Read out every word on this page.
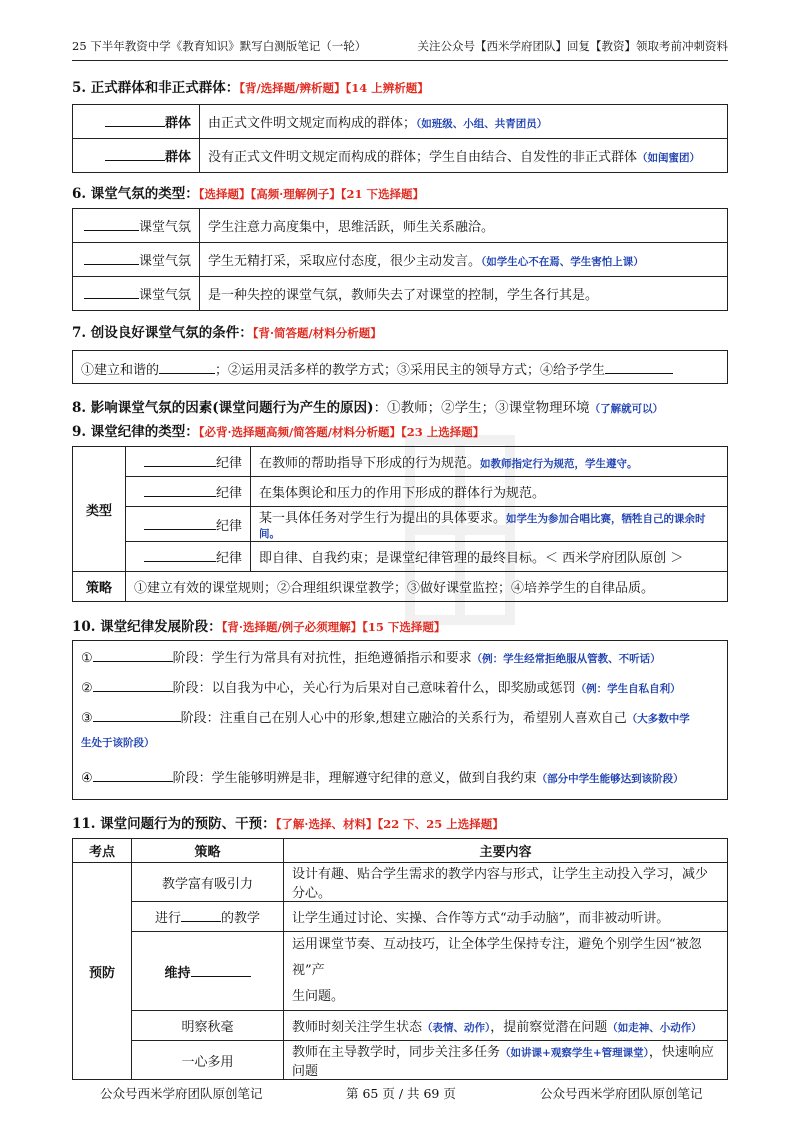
25 下半年教资中学《教育知识》默写白测版笔记（一轮）	关注公众号【西米学府团队】回复【教资】领取考前冲刺资料
5. 正式群体和非正式群体：【背/选择题/辨析题】【14 上辨析题】
群体	由正式文件明文规定而构成的群体；（如班级、小组、共青团员）
群体	没有正式文件明文规定而构成的群体；学生自由结合、自发性的非正式群体（如闺蜜团）
6. 课堂气氛的类型：【选择题】【高频·理解例子】【21 下选择题】
课堂气氛	学生注意力高度集中，思维活跃，师生关系融洽。
课堂气氛	学生无精打采，采取应付态度，很少主动发言。（如学生心不在焉、学生害怕上课）
课堂气氛	是一种失控的课堂气氛，教师失去了对课堂的控制，学生各行其是。
7. 创设良好课堂气氛的条件：【背·简答题/材料分析题】
①建立和谐的	；②运用灵活多样的教学方式；③采用民主的领导方式；④给予学生
8. 影响课堂气氛的因素(课堂问题行为产生的原因)：①教师；②学生；③课堂物理环境（了解就可以）
9. 课堂纪律的类型：【必背·选择题高频/简答题/材料分析题】【23 上选择题】
类型	纪律	在教师的帮助指导下形成的行为规范。如教师指定行为规范，学生遵守。
	纪律	在集体舆论和压力的作用下形成的群体行为规范。
	纪律	某一具体任务对学生行为提出的具体要求。如学生为参加合唱比赛，牺牲自己的课余时间。
	纪律	即自律、自我约束；是课堂纪律管理的最终目标。＜ 西米学府团队原创 ＞
策略	①建立有效的课堂规则；②合理组织课堂教学；③做好课堂监控；④培养学生的自律品质。	
10. 课堂纪律发展阶段：【背·选择题/例子必须理解】【15 下选择题】
①	阶段：学生行为常具有对抗性，拒绝遵循指示和要求（例：学生经常拒绝服从管教、不听话）
②	阶段：以自我为中心，关心行为后果对自己意味着什么，即奖励或惩罚（例：学生自私自利）
③	阶段：注重自己在别人心中的形象,想建立融洽的关系行为，希望别人喜欢自己（大多数中学
生处于该阶段）
④	阶段：学生能够明辨是非，理解遵守纪律的意义，做到自我约束（部分中学生能够达到该阶段）
11. 课堂问题行为的预防、干预：【了解·选择、材料】【22 下、25 上选择题】
考点	策略	主要内容
预防	教学富有吸引力	设计有趣、贴合学生需求的教学内容与形式，让学生主动投入学习，减少分心。
	进行 的教学	让学生通过讨论、实操、合作等方式“动手动脑”，而非被动听讲。
	维持	运用课堂节奏、互动技巧，让全体学生保持专注，避免个别学生因“被忽视”产
生问题。
	明察秋毫	教师时刻关注学生状态（表情、动作），提前察觉潜在问题（如走神、小动作）
	一心多用	教师在主导教学时，同步关注多任务（如讲课+观察学生+管理课堂），快速响应问题
公众号西米学府团队原创笔记	第 65 页 / 共 69 页	公众号西米学府团队原创笔记
